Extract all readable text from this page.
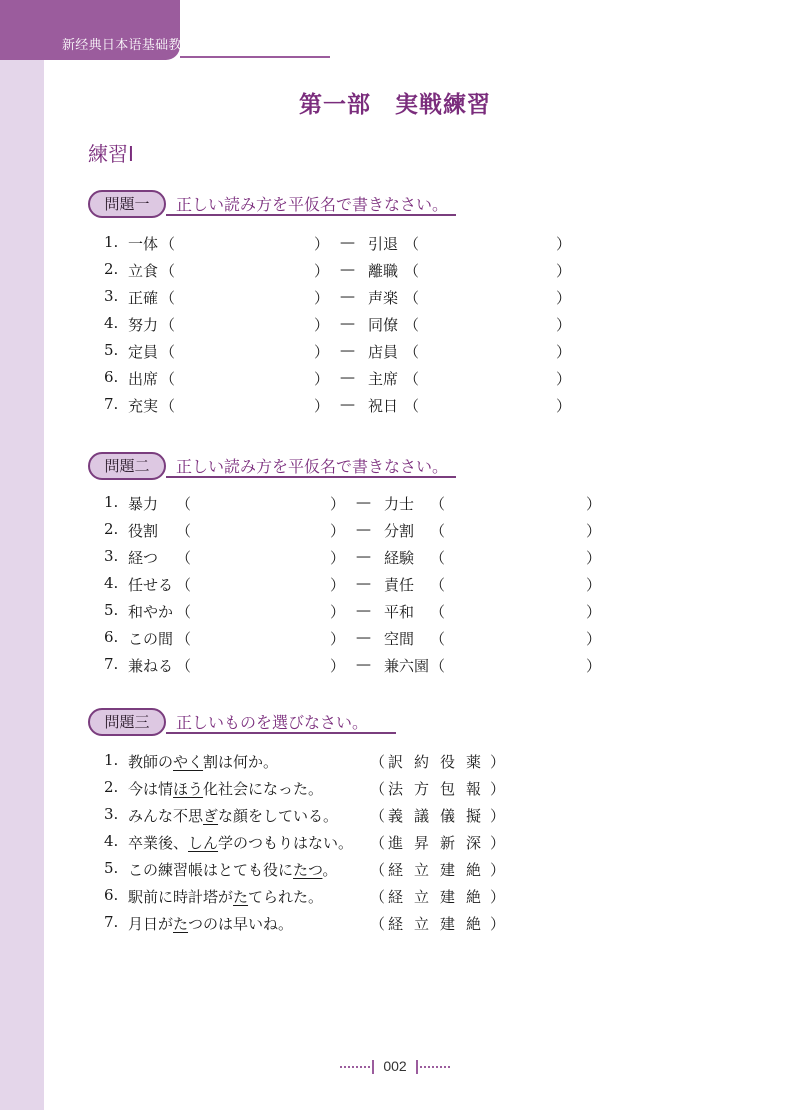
新经典日本语基础教程第三册同步练习册　第二版
第一部　実戦練習
練習Ⅰ
問題一	正しい読み方を平仮名で書きなさい。
1. 一体 （	） — 引退 （	）
2. 立食 （	） — 離職 （	）
3. 正確 （	） — 声楽 （	）
4. 努力 （	） — 同僚 （	）
5. 定員 （	） — 店員 （	）
6. 出席 （	） — 主席 （	）
7. 充実 （	） — 祝日 （	）
問題二	正しい読み方を平仮名で書きなさい。
1. 暴力 （	） — 力士 （	）
2. 役割 （	） — 分割 （	）
3. 経つ （	） — 経験 （	）
4. 任せる （	） — 責任 （	）
5. 和やか （	） — 平和 （	）
6. この間 （	） — 空間 （	）
7. 兼ねる （	） — 兼六園 （	）
問題三	正しいものを選びなさい。
1. 教師のやく割は何か。	（ 訳 約 役 薬 ）
2. 今は情ほう化社会になった。	（ 法 方 包 報 ）
3. みんな不思ぎな顔をしている。 （ 義 議 儀 擬 ）
4. 卒業後、しん学のつもりはない。 （ 進 昇 新 深 ）
5. この練習帳はとても役にたつ。 （ 経 立 建 絶 ）
6. 駅前に時計塔がたてられた。	（ 経 立 建 絶 ）
7. 月日がたつのは早いね。	（ 経 立 建 絶 ）
002
